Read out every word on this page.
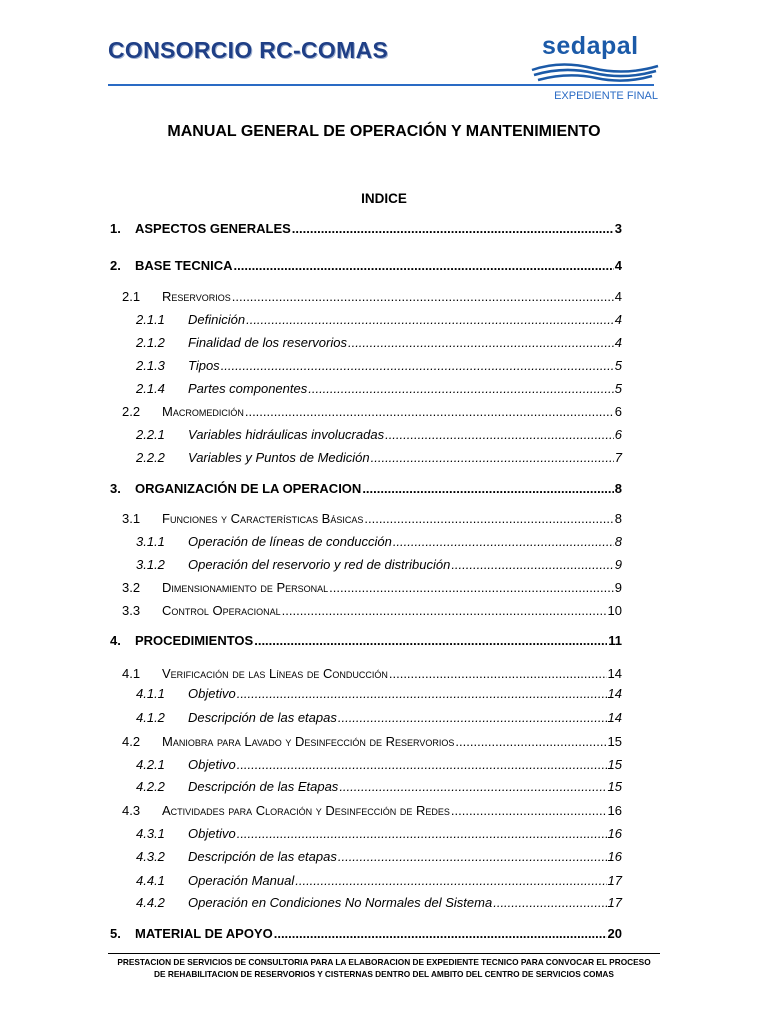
CONSORCIO RC-COMAS	sedapal
EXPEDIENTE FINAL
MANUAL GENERAL DE OPERACIÓN Y MANTENIMIENTO
INDICE
1.	ASPECTOS GENERALES .....	3
2.	BASE TECNICA .....	4
2.1	Reservorios .....	4
2.1.1	Definición .....	4
2.1.2	Finalidad de los reservorios .....	4
2.1.3	Tipos .....	5
2.1.4	Partes componentes .....	5
2.2	Macromedición .....	6
2.2.1	Variables hidráulicas involucradas .....	6
2.2.2	Variables y Puntos de Medición .....	7
3.	ORGANIZACIÓN DE LA OPERACION .....	8
3.1	Funciones y Características Básicas .....	8
3.1.1	Operación de líneas de conducción .....	8
3.1.2	Operación del reservorio y red de distribución .....	9
3.2	Dimensionamiento de Personal .....	9
3.3	Control Operacional .....	10
4.	PROCEDIMIENTOS .....	11
4.1	Verificación de las Líneas de Conducción .....	14
4.1.1	Objetivo .....	14
4.1.2	Descripción de las etapas .....	14
4.2	Maniobra para Lavado y Desinfección de Reservorios .....	15
4.2.1	Objetivo .....	15
4.2.2	Descripción de las Etapas .....	15
4.3	Actividades para Cloración y Desinfección de Redes .....	16
4.3.1	Objetivo .....	16
4.3.2	Descripción de las etapas .....	16
4.4.1	Operación Manual .....	17
4.4.2	Operación en Condiciones No Normales del Sistema .....	17
5.	MATERIAL DE APOYO .....	20
PRESTACION DE SERVICIOS DE CONSULTORIA PARA LA ELABORACION DE EXPEDIENTE TECNICO PARA CONVOCAR EL PROCESO
DE REHABILITACION DE RESERVORIOS Y CISTERNAS DENTRO DEL AMBITO DEL CENTRO DE SERVICIOS COMAS
